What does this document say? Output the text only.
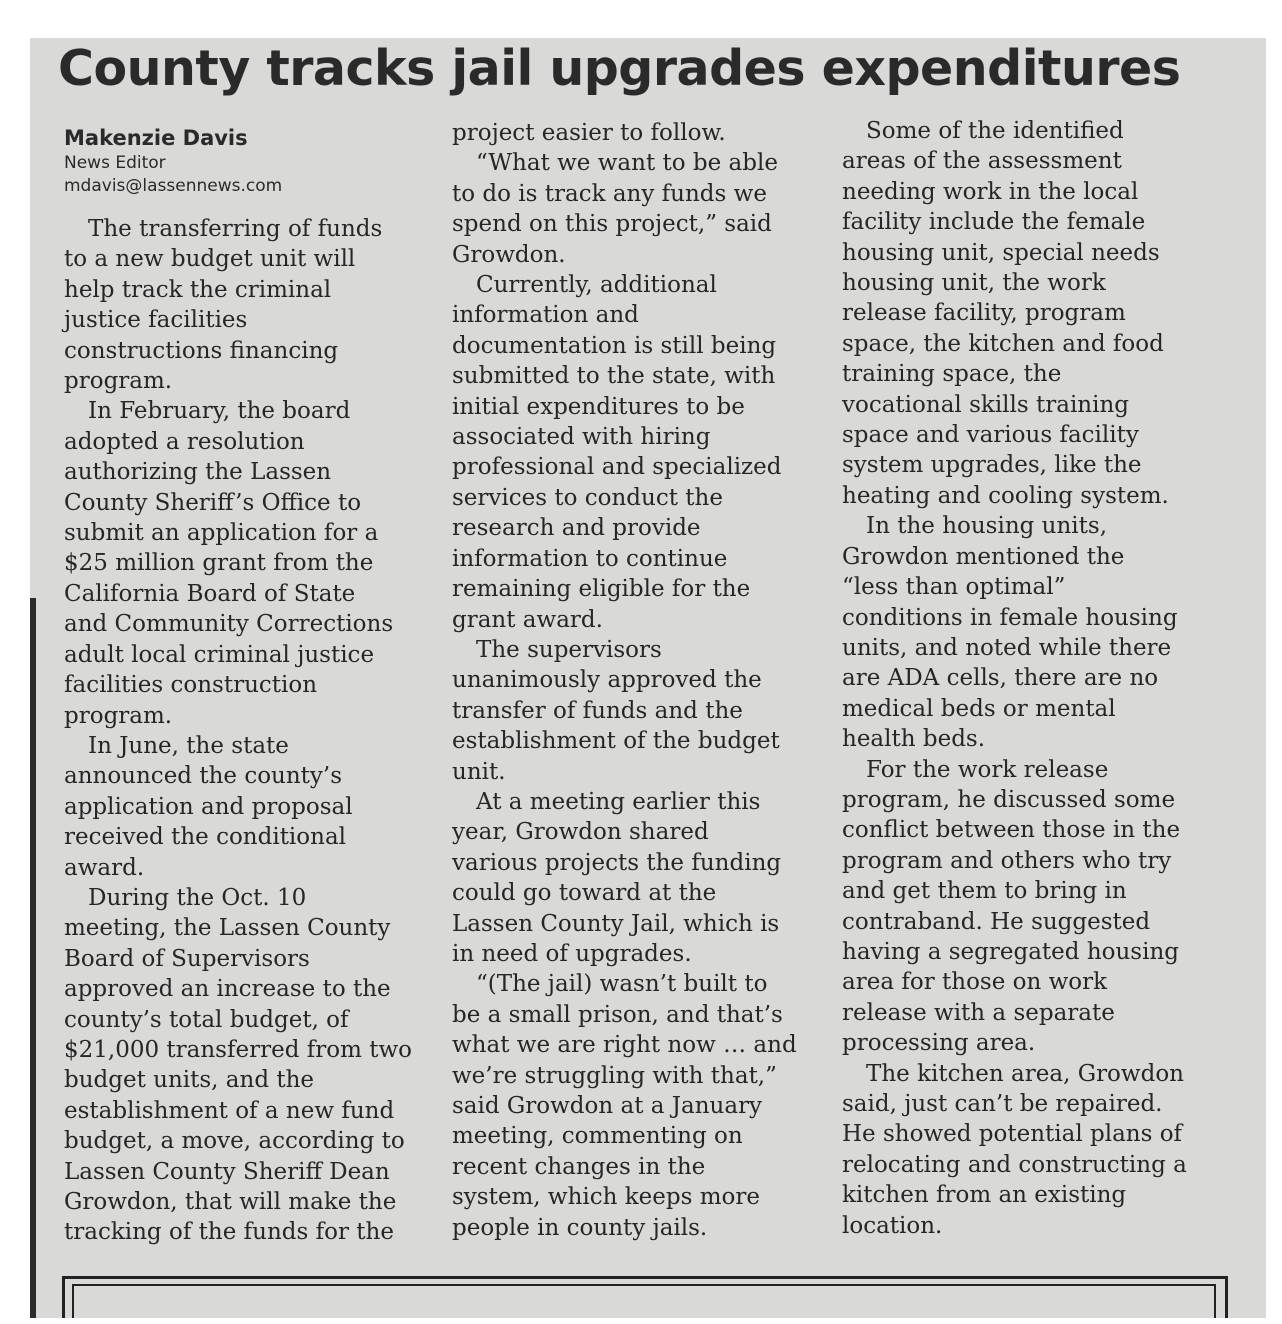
County tracks jail upgrades expenditures
Makenzie Davis
News Editor
mdavis@lassennews.com

The transferring of funds
to a new budget unit will
help track the criminal
justice facilities
constructions financing
program.

In February, the board
adopted a resolution
authorizing the Lassen
County Sheriff’s Office to
submit an application for a
$25 million grant from the
California Board of State
and Community Corrections
adult local criminal justice
facilities construction
program.

In June, the state
announced the county’s
application and proposal
received the conditional
award.

During the Oct. 10
meeting, the Lassen County
Board of Supervisors
approved an increase to the
county’s total budget, of
$21,000 transferred from two
budget units, and the
establishment of a new fund
budget, a move, according to
Lassen County Sheriff Dean
Growdon, that will make the
tracking of the funds for the

project easier to follow.

“What we want to be able
to do is track any funds we
spend on this project,” said
Growdon.

Currently, additional
information and
documentation is still being
submitted to the state, with
initial expenditures to be
associated with hiring
professional and specialized
services to conduct the
research and provide
information to continue
remaining eligible for the
grant award.

The supervisors
unanimously approved the
transfer of funds and the
establishment of the budget
unit.

At a meeting earlier this
year, Growdon shared
various projects the funding
could go toward at the
Lassen County Jail, which is
in need of upgrades.

“(The jail) wasn’t built to
be a small prison, and that’s
what we are right now … and
we’re struggling with that,”
said Growdon at a January
meeting, commenting on
recent changes in the
system, which keeps more
people in county jails.

Some of the identified
areas of the assessment
needing work in the local
facility include the female
housing unit, special needs
housing unit, the work
release facility, program
space, the kitchen and food
training space, the
vocational skills training
space and various facility
system upgrades, like the
heating and cooling system.

In the housing units,
Growdon mentioned the
“less than optimal”
conditions in female housing
units, and noted while there
are ADA cells, there are no
medical beds or mental
health beds.

For the work release
program, he discussed some
conflict between those in the
program and others who try
and get them to bring in
contraband. He suggested
having a segregated housing
area for those on work
release with a separate
processing area.

The kitchen area, Growdon
said, just can’t be repaired.
He showed potential plans of
relocating and constructing a
kitchen from an existing
location.
